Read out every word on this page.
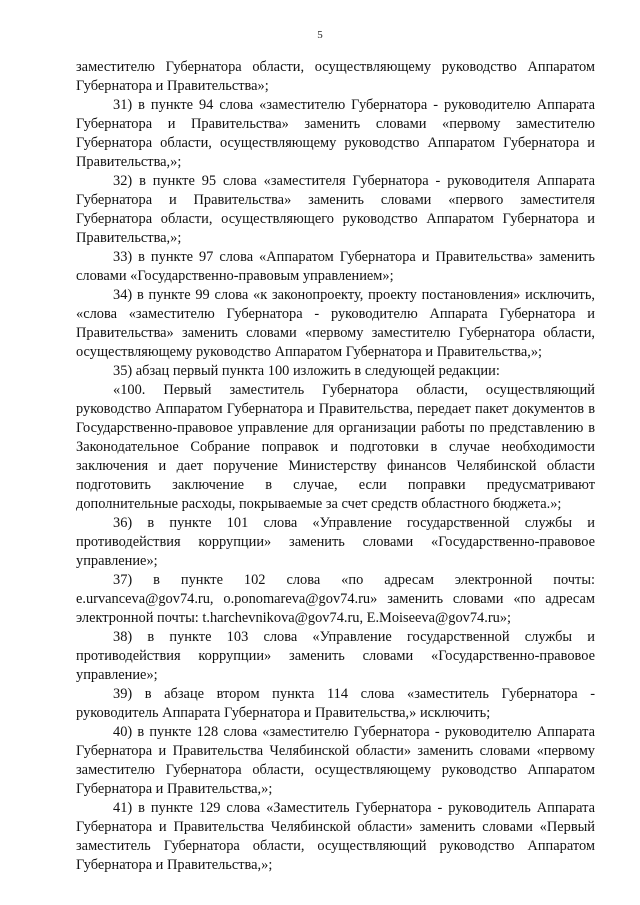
5

заместителю Губернатора области, осуществляющему руководство Аппаратом Губернатора и Правительства»;

31) в пункте 94 слова «заместителю Губернатора - руководителю Аппарата Губернатора и Правительства» заменить словами «первому заместителю Губернатора области, осуществляющему руководство Аппаратом Губернатора и Правительства,»;

32) в пункте 95 слова «заместителя Губернатора - руководителя Аппарата Губернатора и Правительства» заменить словами «первого заместителя Губернатора области, осуществляющего руководство Аппаратом Губернатора и Правительства,»;

33) в пункте 97 слова «Аппаратом Губернатора и Правительства» заменить словами «Государственно-правовым управлением»;

34) в пункте 99 слова «к законопроекту, проекту постановления» исключить, «слова «заместителю Губернатора - руководителю Аппарата Губернатора и Правительства» заменить словами «первому заместителю Губернатора области, осуществляющему руководство Аппаратом Губернатора и Правительства,»;

35) абзац первый пункта 100 изложить в следующей редакции:

«100. Первый заместитель Губернатора области, осуществляющий руководство Аппаратом Губернатора и Правительства, передает пакет документов в Государственно-правовое управление для организации работы по представлению в Законодательное Собрание поправок и подготовки в случае необходимости заключения и дает поручение Министерству финансов Челябинской области подготовить заключение в случае, если поправки предусматривают дополнительные расходы, покрываемые за счет средств областного бюджета.»;

36) в пункте 101 слова «Управление государственной службы и противодействия коррупции» заменить словами «Государственно-правовое управление»;

37) в пункте 102 слова «по адресам электронной почты: e.urvanceva@gov74.ru, o.ponomareva@gov74.ru» заменить словами «по адресам электронной почты: t.harchevnikova@gov74.ru, E.Moiseeva@gov74.ru»;

38) в пункте 103 слова «Управление государственной службы и противодействия коррупции» заменить словами «Государственно-правовое управление»;

39) в абзаце втором пункта 114 слова «заместитель Губернатора - руководитель Аппарата Губернатора и Правительства,» исключить;

40) в пункте 128 слова «заместителю Губернатора - руководителю Аппарата Губернатора и Правительства Челябинской области» заменить словами «первому заместителю Губернатора области, осуществляющему руководство Аппаратом Губернатора и Правительства,»;

41) в пункте 129 слова «Заместитель Губернатора - руководитель Аппарата Губернатора и Правительства Челябинской области» заменить словами «Первый заместитель Губернатора области, осуществляющий руководство Аппаратом Губернатора и Правительства,»;
